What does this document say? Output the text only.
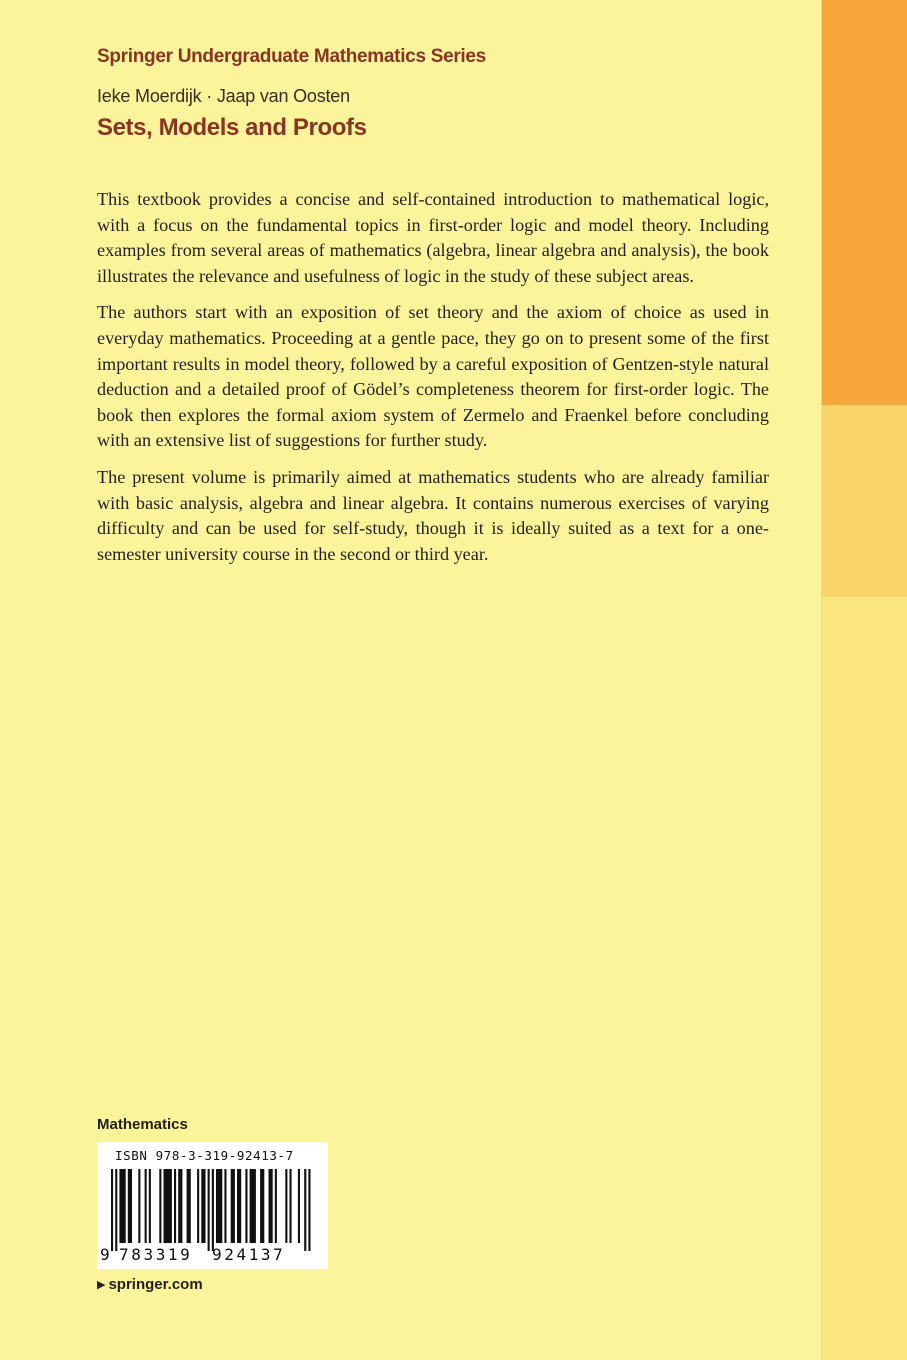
Springer Undergraduate Mathematics Series
Ieke Moerdijk · Jaap van Oosten
Sets, Models and Proofs

This textbook provides a concise and self-contained introduction to mathematical logic, with a focus on the fundamental topics in first-order logic and model theory. Including examples from several areas of mathematics (algebra, linear algebra and analysis), the book illustrates the relevance and usefulness of logic in the study of these subject areas.

The authors start with an exposition of set theory and the axiom of choice as used in everyday mathematics. Proceeding at a gentle pace, they go on to present some of the first important results in model theory, followed by a careful exposition of Gentzen-style natural deduction and a detailed proof of Gödel’s completeness theorem for first-order logic. The book then explores the formal axiom system of Zermelo and Fraenkel before concluding with an extensive list of suggestions for further study.

The present volume is primarily aimed at mathematics students who are already familiar with basic analysis, algebra and linear algebra. It contains numerous exercises of varying difficulty and can be used for self-study, though it is ideally suited as a text for a one-semester university course in the second or third year.

Mathematics
ISBN 978-3-319-92413-7
9 783319 924137
▶ springer.com
